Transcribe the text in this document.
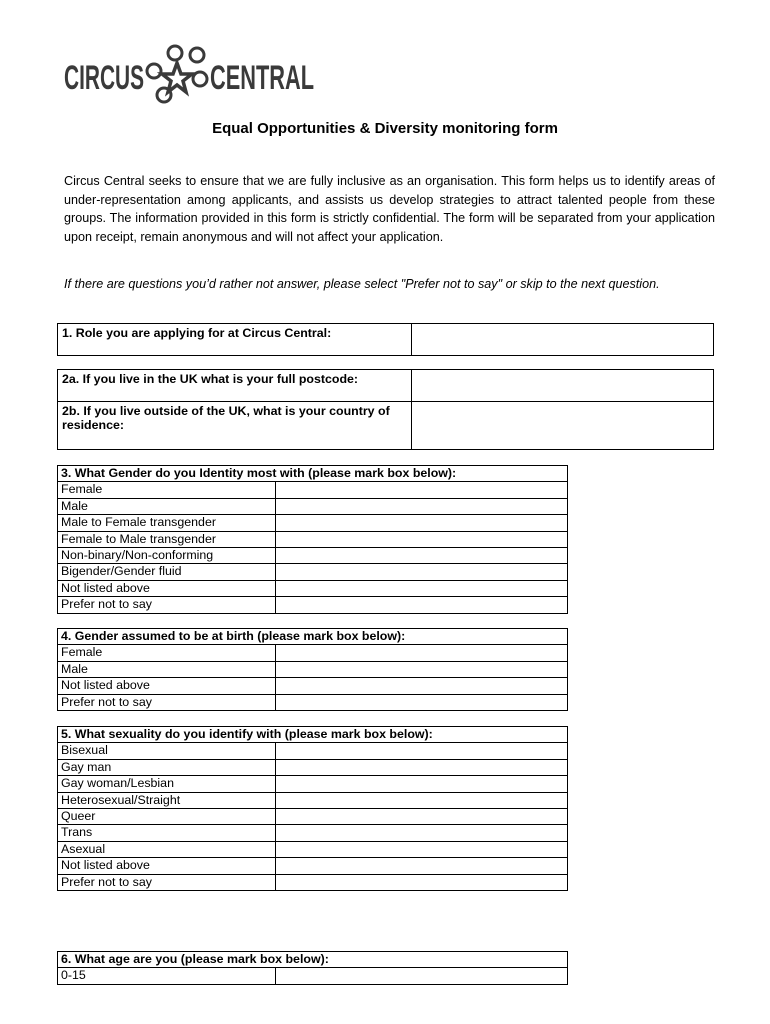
CIRCUS CENTRAL
Equal Opportunities & Diversity monitoring form
Circus Central seeks to ensure that we are fully inclusive as an organisation. This form helps us to identify areas of under-representation among applicants, and assists us develop strategies to attract talented people from these groups. The information provided in this form is strictly confidential. The form will be separated from your application upon receipt, remain anonymous and will not affect your application.
If there are questions you’d rather not answer, please select "Prefer not to say" or skip to the next question.
1. Role you are applying for at Circus Central:	
2a. If you live in the UK what is your full postcode:	
2b. If you live outside of the UK, what is your country of residence:	
3. What Gender do you Identity most with (please mark box below):	
Female	
Male	
Male to Female transgender	
Female to Male transgender	
Non-binary/Non-conforming	
Bigender/Gender fluid	
Not listed above	
Prefer not to say	
4. Gender assumed to be at birth (please mark box below):	
Female	
Male	
Not listed above	
Prefer not to say	
5. What sexuality do you identify with (please mark box below):	
Bisexual	
Gay man	
Gay woman/Lesbian	
Heterosexual/Straight	
Queer	
Trans	
Asexual	
Not listed above	
Prefer not to say	
6. What age are you (please mark box below):
0-15	
